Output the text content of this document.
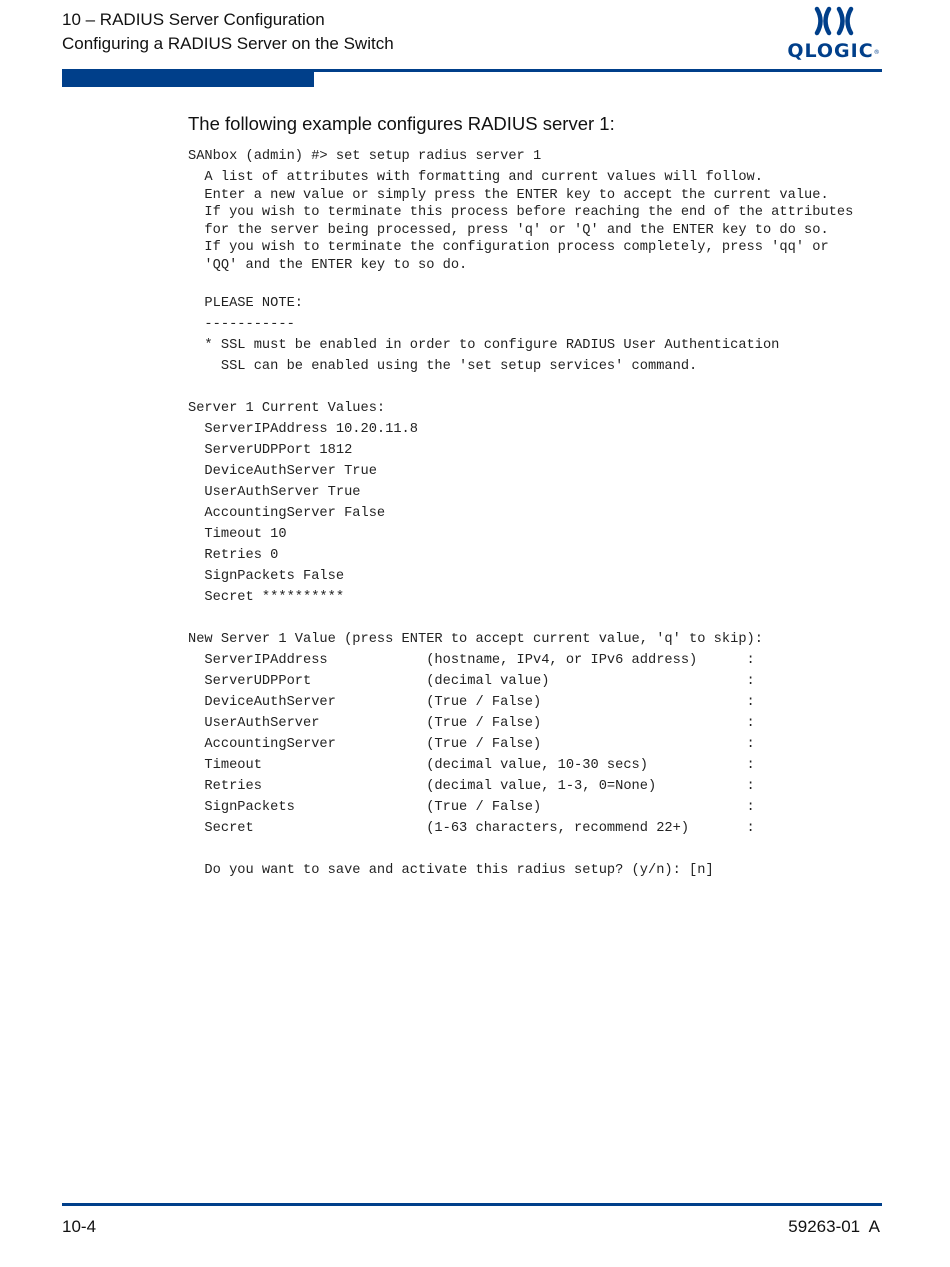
10 – RADIUS Server Configuration
Configuring a RADIUS Server on the Switch	QLOGIC®
The following example configures RADIUS server 1:
SANbox (admin) #> set setup radius server 1
A list of attributes with formatting and current values will follow.
Enter a new value or simply press the ENTER key to accept the current value.
If you wish to terminate this process before reaching the end of the attributes
for the server being processed, press 'q' or 'Q' and the ENTER key to do so.
If you wish to terminate the configuration process completely, press 'qq' or
'QQ' and the ENTER key to so do.
PLEASE NOTE:
-----------
* SSL must be enabled in order to configure RADIUS User Authentication
SSL can be enabled using the 'set setup services' command.
Server 1 Current Values:
ServerIPAddress 10.20.11.8
ServerUDPPort 1812
DeviceAuthServer True
UserAuthServer True
AccountingServer False
Timeout 10
Retries 0
SignPackets False
Secret **********
New Server 1 Value (press ENTER to accept current value, 'q' to skip):
ServerIPAddress            (hostname, IPv4, or IPv6 address)      :
ServerUDPPort              (decimal value)                        :
DeviceAuthServer           (True / False)                         :
UserAuthServer             (True / False)                         :
AccountingServer           (True / False)                         :
Timeout                    (decimal value, 10-30 secs)            :
Retries                    (decimal value, 1-3, 0=None)           :
SignPackets                (True / False)                         :
Secret                     (1-63 characters, recommend 22+)       :
Do you want to save and activate this radius setup? (y/n): [n]
10-4	59263-01  A
